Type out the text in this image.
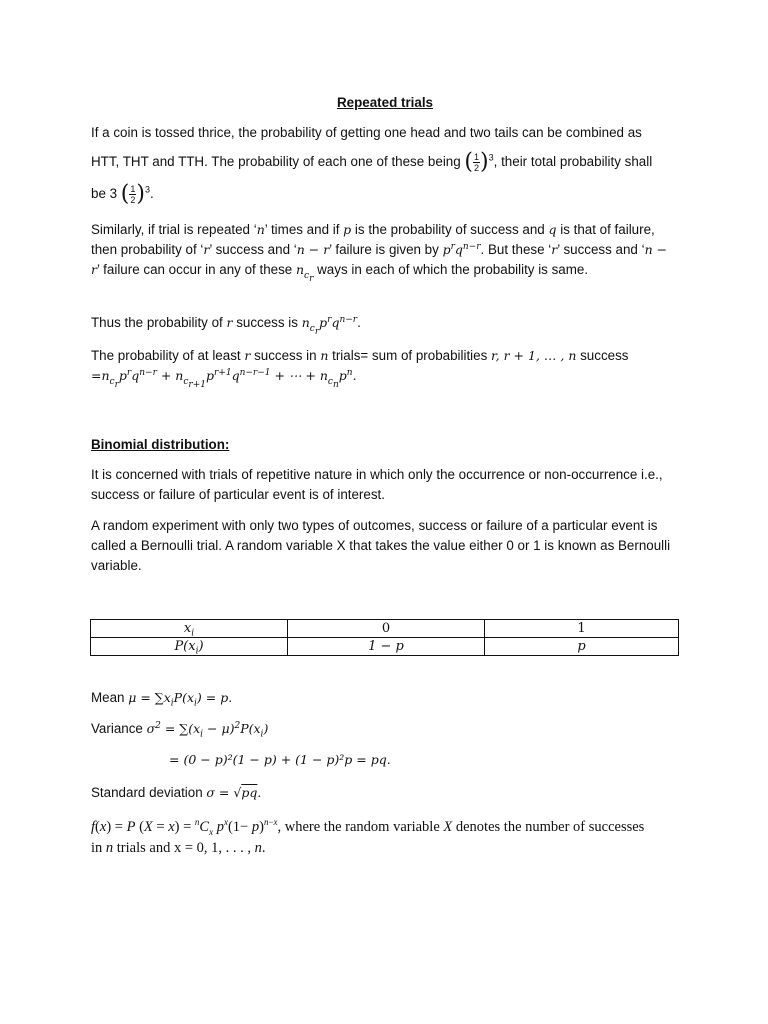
Repeated trials
If a coin is tossed thrice, the probability of getting one head and two tails can be combined as
HTT, THT and TTH. The probability of each one of these being ( $\frac{1}{2} )^3$, their total probability shall
be 3 ( $\frac{1}{2} )^3$.
Similarly, if trial is repeated ‘n’ times and if p is the probability of success and q is that of failure, then probability of ‘r’ success and ‘n − r’ failure is given by $p^rq^{n-r}$. But these ‘r’ success and ‘n − r’ failure can occur in any of these $n_{c_r}$ ways in each of which the probability is same.
Thus the probability of r success is $n_{c_r}p^rq^{n-r}$.
The probability of at least r success in n trials= sum of probabilities r, r + 1, … , n success
$=n_{c_r}p^rq^{n-r} + n_{c_{r+1}}p^{r+1}q^{n-r-1}$ + ⋯ + $n_{c_n}p^n$.
Binomial distribution:
It is concerned with trials of repetitive nature in which only the occurrence or non-occurrence i.e., success or failure of particular event is of interest.
A random experiment with only two types of outcomes, success or failure of a particular event is called a Bernoulli trial. A random variable X that takes the value either 0 or 1 is known as Bernoulli variable.
$x_i$	0	1
$P(x_i)$	1 − p	p
Mean $\mu = \sum x_iP(x_i) = p$.
Variance $\sigma^2 = \sum(x_i - \mu)^2P(x_i)$
= (0 − p)²(1 − p) + (1 − p)²p = pq.
Standard deviation σ = √pq.
f(x) = P $(X = x) = ^nC_x$ $p^x(1- p)^{n-x}$, where the random variable X denotes the number of successes
in n trials and x = 0, 1, . . . , n.
